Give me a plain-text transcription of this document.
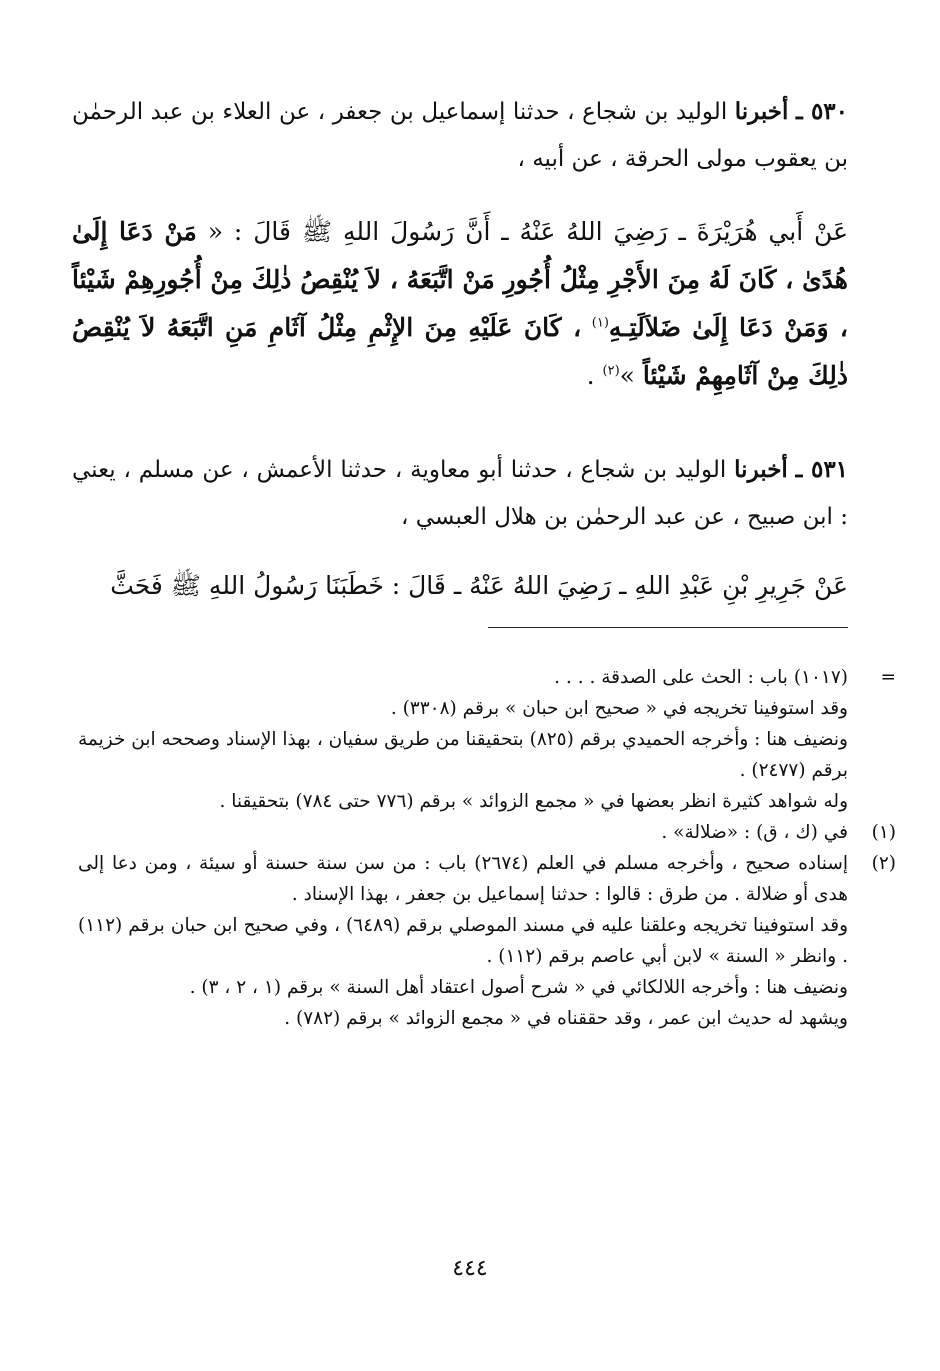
٥٣٠ ـ أخبرنا الوليد بن شجاع ، حدثنا إسماعيل بن جعفر ، عن العلاء بن عبد الرحمٰن بن يعقوب مولى الحرقة ، عن أبيه ،
عَنْ أَبي هُرَيْرَةَ ـ رَضِيَ اللهُ عَنْهُ ـ أَنَّ رَسُولَ اللهِ ﷺ قَالَ : « مَنْ دَعَا إِلَىٰ هُدًىٰ ، كَانَ لَهُ مِنَ الأَجْرِ مِثْلُ أُجُورِ مَنْ اتَّبَعَهُ ، لاَ يُنْقِصُ ذٰلِكَ مِنْ أُجُورِهِمْ شَيْئاً ، وَمَنْ دَعَا إِلَىٰ ضَلاَلَتِـهِ$^{(١)}$ ، كَانَ عَلَيْهِ مِنَ الإِثْمِ مِثْلُ آثَامِ مَنِ اتَّبَعَهُ لاَ يُنْقِصُ ذٰلِكَ مِنْ آثَامِهِمْ شَيْئاً »$^{(٢)}$ .
٥٣١ ـ أخبرنا الوليد بن شجاع ، حدثنا أبو معاوية ، حدثنا الأعمش ، عن مسلم ، يعني : ابن صبيح ، عن عبد الرحمٰن بن هلال العبسي ،
عَنْ جَرِيرِ بْنِ عَبْدِ اللهِ ـ رَضِيَ اللهُ عَنْهُ ـ قَالَ : خَطَبَنَا رَسُولُ اللهِ ﷺ فَحَثَّ
=
(١٠١٧) باب : الحث على الصدقة . . . .
وقد استوفينا تخريجه في « صحيح ابن حبان » برقم (٣٣٠٨) .
ونضيف هنا : وأخرجه الحميدي برقم (٨٢٥) بتحقيقنا من طريق سفيان ، بهذا الإسناد وصححه ابن خزيمة برقم (٢٤٧٧) .
وله شواهد كثيرة انظر بعضها في « مجمع الزوائد » برقم (٧٧٦ حتى ٧٨٤) بتحقيقنا .
(١)
في (ك ، ق) : «ضلالة» .
(٢)
إسناده صحيح ، وأخرجه مسلم في العلم (٢٦٧٤) باب : من سن سنة حسنة أو سيئة ، ومن دعا إلى هدى أو ضلالة . من طرق : قالوا : حدثنا إسماعيل بن جعفر ، بهذا الإسناد .
وقد استوفينا تخريجه وعلقنا عليه في مسند الموصلي برقم (٦٤٨٩) ، وفي صحيح ابن حبان برقم (١١٢) . وانظر « السنة » لابن أبي عاصم برقم (١١٢) .
ونضيف هنا : وأخرجه اللالكائي في « شرح أصول اعتقاد أهل السنة » برقم (١ ، ٢ ، ٣) .
ويشهد له حديث ابن عمر ، وقد حققناه في « مجمع الزوائد » برقم (٧٨٢) .
٤٤٤
